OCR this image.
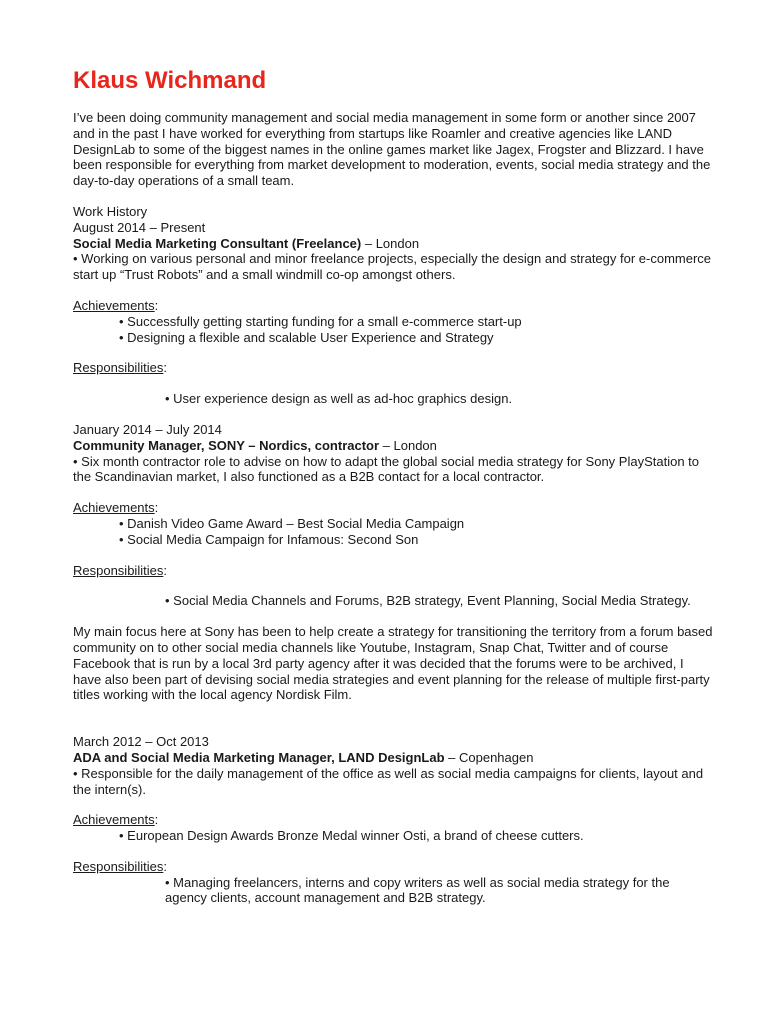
Klaus Wichmand

I’ve been doing community management and social media management in some form or another since 2007 and in the past I have worked for everything from startups like Roamler and creative agencies like LAND DesignLab to some of the biggest names in the online games market like Jagex, Frogster and Blizzard. I have been responsible for everything from market development to moderation, events, social media strategy and the day-to-day operations of a small team.

Work History
August 2014 – Present
Social Media Marketing Consultant (Freelance) – London

• Working on various personal and minor freelance projects, especially the design and strategy for e-commerce start up “Trust Robots” and a small windmill co-op amongst others.

Achievements:
• Successfully getting starting funding for a small e-commerce start-up
• Designing a flexible and scalable User Experience and Strategy
Responsibilities:
• User experience design as well as ad-hoc graphics design.
January 2014 – July 2014
Community Manager, SONY – Nordics, contractor – London

• Six month contractor role to advise on how to adapt the global social media strategy for Sony PlayStation to the Scandinavian market, I also functioned as a B2B contact for a local contractor.

Achievements:
• Danish Video Game Award – Best Social Media Campaign
• Social Media Campaign for Infamous: Second Son
Responsibilities:

• Social Media Channels and Forums, B2B strategy, Event Planning, Social Media Strategy.

My main focus here at Sony has been to help create a strategy for transitioning the territory from a forum based community on to other social media channels like Youtube, Instagram, Snap Chat, Twitter and of course Facebook that is run by a local 3rd party agency after it was decided that the forums were to be archived, I have also been part of devising social media strategies and event planning for the release of multiple first-party titles working with the local agency Nordisk Film.

March 2012 – Oct 2013
ADA and Social Media Marketing Manager, LAND DesignLab – Copenhagen

• Responsible for the daily management of the office as well as social media campaigns for clients, layout and the intern(s).

Achievements:
• European Design Awards Bronze Medal winner Osti, a brand of cheese cutters.
Responsibilities:

• Managing freelancers, interns and copy writers as well as social media strategy for the agency clients, account management and B2B strategy.
